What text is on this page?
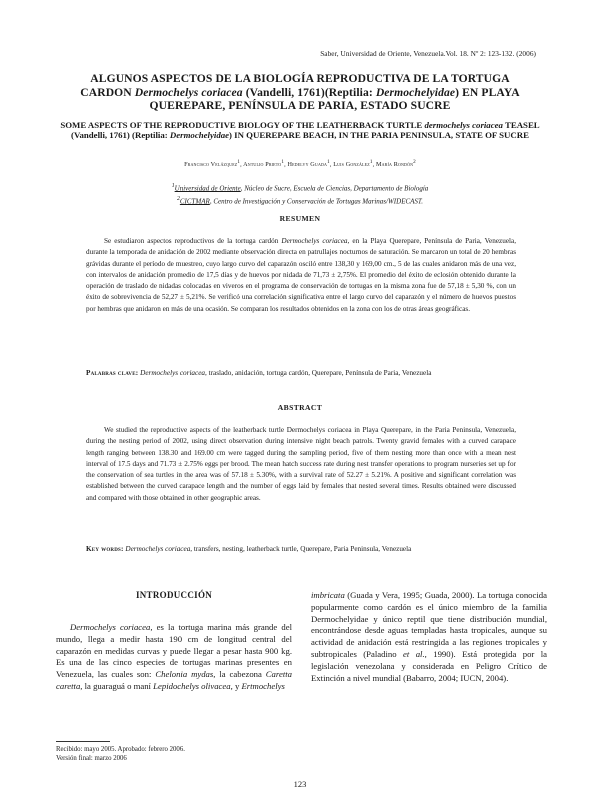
Saber, Universidad de Oriente, Venezuela.Vol. 18. Nº 2: 123-132. (2006)
ALGUNOS ASPECTOS DE LA BIOLOGÍA REPRODUCTIVA DE LA TORTUGA
CARDON Dermochelys coriacea (Vandelli, 1761)(Reptilia: Dermochelyidae) EN PLAYA
QUEREPARE, PENÍNSULA DE PARIA, ESTADO SUCRE
SOME ASPECTS OF THE REPRODUCTIVE BIOLOGY OF THE LEATHERBACK TURTLE dermochelys coriacea TEASEL (Vandelli, 1761) (Reptilia: Dermochelyidae) IN QUEREPARE BEACH, IN THE PARIA PENINSULA, STATE OF SUCRE
Francisco Velázquez$^1$, Antulio Prieto$^1$, Hedelvy Guada$^1$, Luis González$^1$, María Rondón$^2$
$^1$Universidad de Oriente, Núcleo de Sucre, Escuela de Ciencias, Departamento de Biología
$^2$CICTMAR, Centro de Investigación y Conservación de Tortugas Marinas/WIDECAST.
RESUMEN

Se estudiaron aspectos reproductivos de la tortuga cardón Dermochelys coriacea, en la Playa Querepare, Península de Paria, Venezuela, durante la temporada de anidación de 2002 mediante observación directa en patrullajes nocturnos de saturación. Se marcaron un total de 20 hembras grávidas durante el período de muestreo, cuyo largo curvo del caparazón osciló entre 138,30 y 169,00 cm., 5 de las cuales anidaron más de una vez, con intervalos de anidación promedio de 17,5 días y de huevos por nidada de 71,73 ± 2,75%. El promedio del éxito de eclosión obtenido durante la operación de traslado de nidadas colocadas en viveros en el programa de conservación de tortugas en la misma zona fue de 57,18 ± 5,30 %, con un éxito de sobrevivencia de 52,27 ± 5,21%. Se verificó una correlación significativa entre el largo curvo del caparazón y el número de huevos puestos por hembras que anidaron en más de una ocasión. Se comparan los resultados obtenidos en la zona con los de otras áreas geográficas.

Palabras clave: Dermochelys coriacea, traslado, anidación, tortuga cardón, Querepare, Península de Paria, Venezuela
ABSTRACT

We studied the reproductive aspects of the leatherback turtle Dermochelys coriacea in Playa Querepare, in the Paria Peninsula, Venezuela, during the nesting period of 2002, using direct observation during intensive night beach patrols. Twenty gravid females with a curved carapace length ranging between 138.30 and 169.00 cm were tagged during the sampling period, five of them nesting more than once with a mean nest interval of 17.5 days and 71.73 ± 2.75% eggs per brood. The mean hatch success rate during nest transfer operations to program nurseries set up for the conservation of sea turtles in the area was of 57.18 ± 5.30%, with a survival rate of 52.27 ± 5.21%. A positive and significant correlation was established between the curved carapace length and the number of eggs laid by females that nested several times. Results obtained were discussed and compared with those obtained in other geographic areas.

Key words: Dermochelys coriacea, transfers, nesting, leatherback turtle, Querepare, Paria Peninsula, Venezuela
INTRODUCCIÓN

Dermochelys coriacea, es la tortuga marina más grande del mundo, llega a medir hasta 190 cm de longitud central del caparazón en medidas curvas y puede llegar a pesar hasta 900 kg. Es una de las cinco especies de tortugas marinas presentes en Venezuela, las cuales son: Chelonia mydas, la cabezona Caretta caretta, la guaraguá o maní Lepidochelys olivacea, y Ertmochelys

imbricata (Guada y Vera, 1995; Guada, 2000). La tortuga conocida popularmente como cardón es el único miembro de la familia Dermochelyidae y único reptil que tiene distribución mundial, encontrándose desde aguas templadas hasta tropicales, aunque su actividad de anidación está restringida a las regiones tropicales y subtropicales (Paladino et al., 1990). Está protegida por la legislación venezolana y considerada en Peligro Crítico de Extinción a nivel mundial (Babarro, 2004; IUCN, 2004).

Recibido: mayo 2005. Aprobado: febrero 2006.
Versión final: marzo 2006
123
